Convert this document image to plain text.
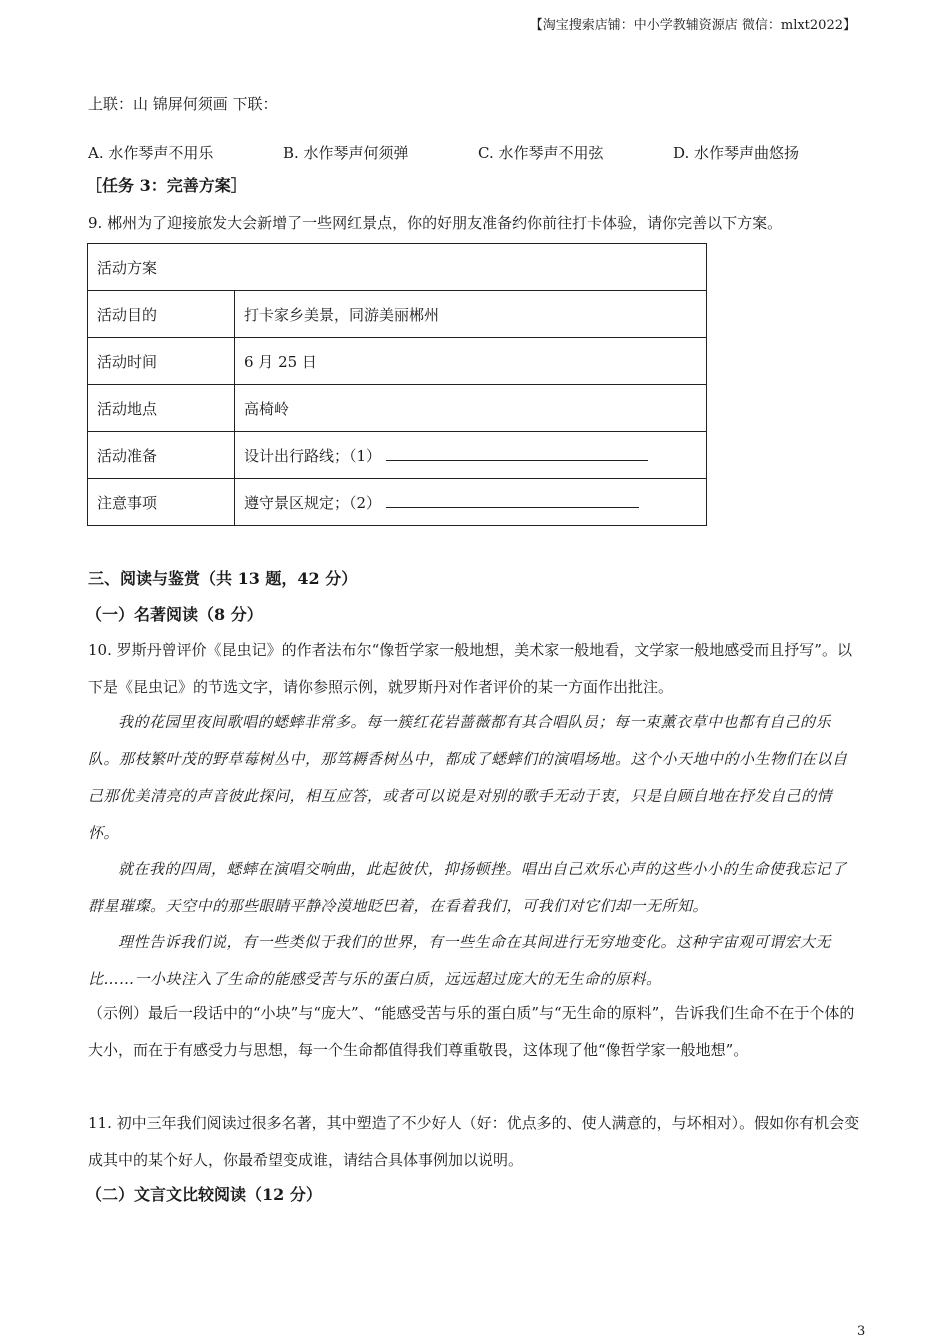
【淘宝搜索店铺：中小学教辅资源店 微信：mlxt2022】
上联：山 锦屏何须画 下联：
A. 水作琴声不用乐	B. 水作琴声何须弹	C. 水作琴声不用弦	D. 水作琴声曲悠扬
［任务 3：完善方案］
9. 郴州为了迎接旅发大会新增了一些网红景点，你的好朋友准备约你前往打卡体验，请你完善以下方案。
活动方案	
活动目的	打卡家乡美景，同游美丽郴州
活动时间	6 月 25 日
活动地点	高椅岭
活动准备	设计出行路线；（1）
注意事项	遵守景区规定；（2）
三、阅读与鉴赏（共 13 题，42 分）
（一）名著阅读（8 分）
10. 罗斯丹曾评价《昆虫记》的作者法布尔“像哲学家一般地想，美术家一般地看，文学家一般地感受而且抒写”。以下是《昆虫记》的节选文字，请你参照示例，就罗斯丹对作者评价的某一方面作出批注。
我的花园里夜间歌唱的蟋蟀非常多。每一簇红花岩蔷薇都有其合唱队员；每一束薰衣草中也都有自己的乐队。那枝繁叶茂的野草莓树丛中，那笃耨香树丛中，都成了蟋蟀们的演唱场地。这个小天地中的小生物们在以自己那优美清亮的声音彼此探问，相互应答，或者可以说是对别的歌手无动于衷，只是自顾自地在抒发自己的情怀。
就在我的四周，蟋蟀在演唱交响曲，此起彼伏，抑扬顿挫。唱出自己欢乐心声的这些小小的生命使我忘记了群星璀璨。天空中的那些眼睛平静冷漠地眨巴着，在看着我们，可我们对它们却一无所知。
理性告诉我们说，有一些类似于我们的世界，有一些生命在其间进行无穷地变化。这种宇宙观可谓宏大无比……一小块注入了生命的能感受苦与乐的蛋白质，远远超过庞大的无生命的原料。
（示例）最后一段话中的“小块”与“庞大”、“能感受苦与乐的蛋白质”与“无生命的原料”，告诉我们生命不在于个体的大小，而在于有感受力与思想，每一个生命都值得我们尊重敬畏，这体现了他“像哲学家一般地想”。
11. 初中三年我们阅读过很多名著，其中塑造了不少好人（好：优点多的、使人满意的，与坏相对）。假如你有机会变成其中的某个好人，你最希望变成谁，请结合具体事例加以说明。
（二）文言文比较阅读（12 分）
3
